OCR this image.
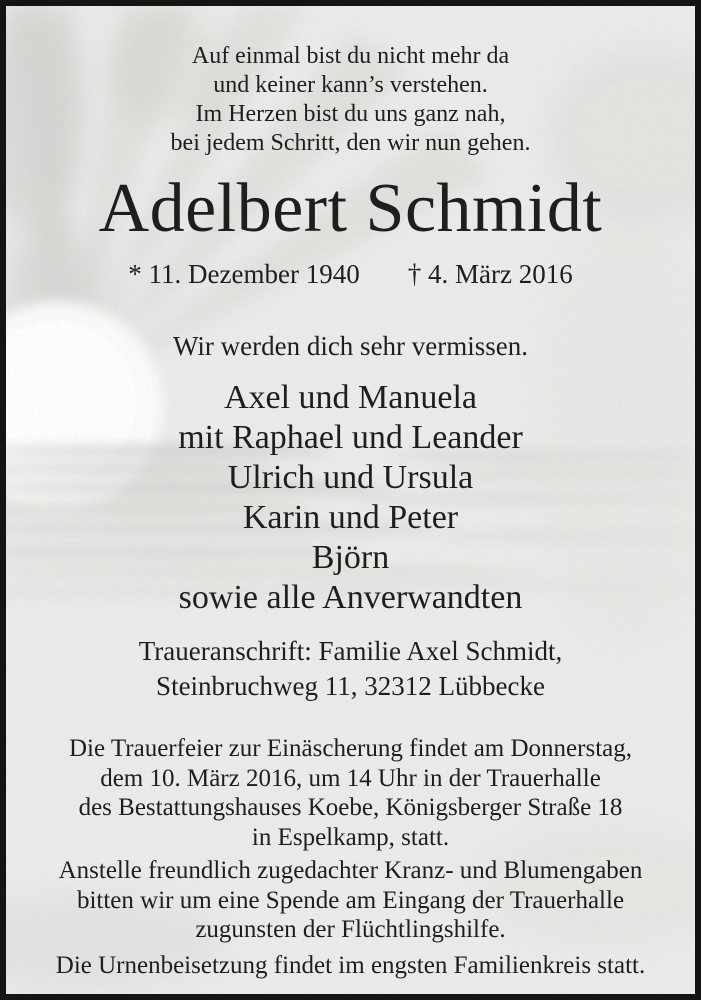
Auf einmal bist du nicht mehr da
und keiner kann’s verstehen.
Im Herzen bist du uns ganz nah,
bei jedem Schritt, den wir nun gehen.
Adelbert Schmidt
* 11. Dezember 1940 † 4. März 2016
Wir werden dich sehr vermissen.
Axel und Manuela
mit Raphael und Leander
Ulrich und Ursula
Karin und Peter
Björn
sowie alle Anverwandten
Traueranschrift: Familie Axel Schmidt,
Steinbruchweg 11, 32312 Lübbecke
Die Trauerfeier zur Einäscherung findet am Donnerstag,
dem 10. März 2016, um 14 Uhr in der Trauerhalle
des Bestattungshauses Koebe, Königsberger Straße 18
in Espelkamp, statt.
Anstelle freundlich zugedachter Kranz- und Blumengaben
bitten wir um eine Spende am Eingang der Trauerhalle
zugunsten der Flüchtlingshilfe.
Die Urnenbeisetzung findet im engsten Familienkreis statt.
